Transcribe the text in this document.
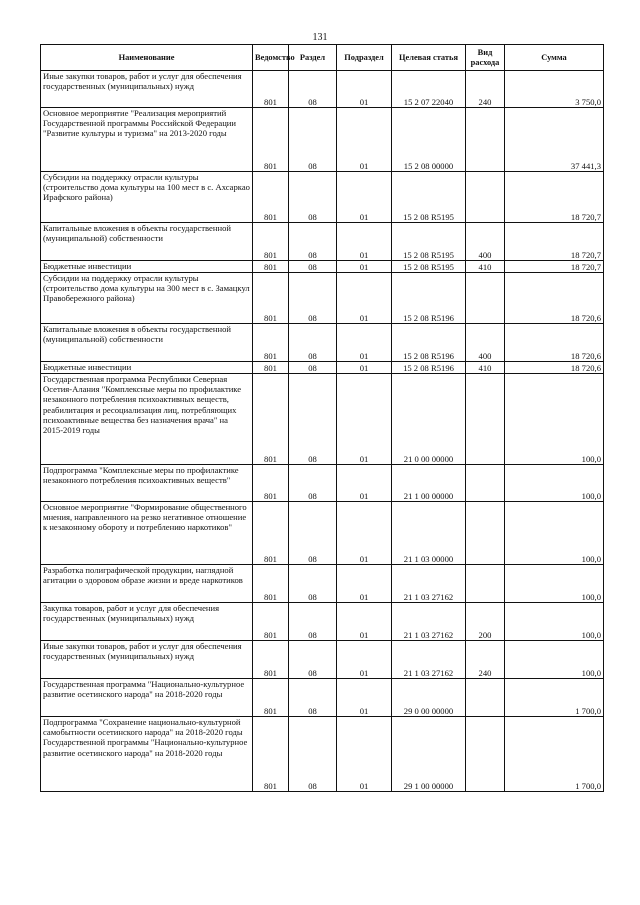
131
Наименование	Ведомство	Раздел	Подраздел	Целевая статья	Вид расхода	Сумма
Иные закупки товаров, работ и услуг для обеспечения государственных (муниципальных) нужд	801	08	01	15 2 07 22040	240	3 750,0
Основное мероприятие "Реализация мероприятий Государственной программы Российской Федерации "Развитие культуры и туризма" на 2013-2020 годы	801	08	01	15 2 08 00000		37 441,3
Субсидии на поддержку отрасли культуры (строительство дома культуры на 100 мест в с. Ахсаркао Ирафского района)	801	08	01	15 2 08 R5195		18 720,7
Капитальные вложения в объекты государственной (муниципальной) собственности	801	08	01	15 2 08 R5195	400	18 720,7
Бюджетные инвестиции	801	08	01	15 2 08 R5195	410	18 720,7
Субсидии на поддержку отрасли культуры (строительство дома культуры на 300 мест в с. Замацкул Правобережного района)	801	08	01	15 2 08 R5196		18 720,6
Капитальные вложения в объекты государственной (муниципальной) собственности	801	08	01	15 2 08 R5196	400	18 720,6
Бюджетные инвестиции	801	08	01	15 2 08 R5196	410	18 720,6
Государственная программа Республики Северная Осетия-Алания "Комплексные меры по профилактике незаконного потребления психоактивных веществ, реабилитация и ресоциализация лиц, потребляющих психоактивные вещества без назначения врача" на 2015-2019 годы	801	08	01	21 0 00 00000		100,0
Подпрограмма "Комплексные меры по профилактике незаконного потребления психоактивных веществ"	801	08	01	21 1 00 00000		100,0
Основное мероприятие "Формирование общественного мнения, направленного на резко негативное отношение к незаконному обороту и потреблению наркотиков"	801	08	01	21 1 03 00000		100,0
Разработка полиграфической продукции, наглядной агитации о здоровом образе жизни и вреде наркотиков	801	08	01	21 1 03 27162		100,0
Закупка товаров, работ и услуг для обеспечения государственных (муниципальных) нужд	801	08	01	21 1 03 27162	200	100,0
Иные закупки товаров, работ и услуг для обеспечения государственных (муниципальных) нужд	801	08	01	21 1 03 27162	240	100,0
Государственная программа "Национально-культурное развитие осетинского народа" на 2018-2020 годы	801	08	01	29 0 00 00000		1 700,0
Подпрограмма "Сохранение национально-культурной самобытности осетинского народа" на 2018-2020 годы Государственной программы "Национально-культурное развитие осетинского народа" на 2018-2020 годы	801	08	01	29 1 00 00000		1 700,0
